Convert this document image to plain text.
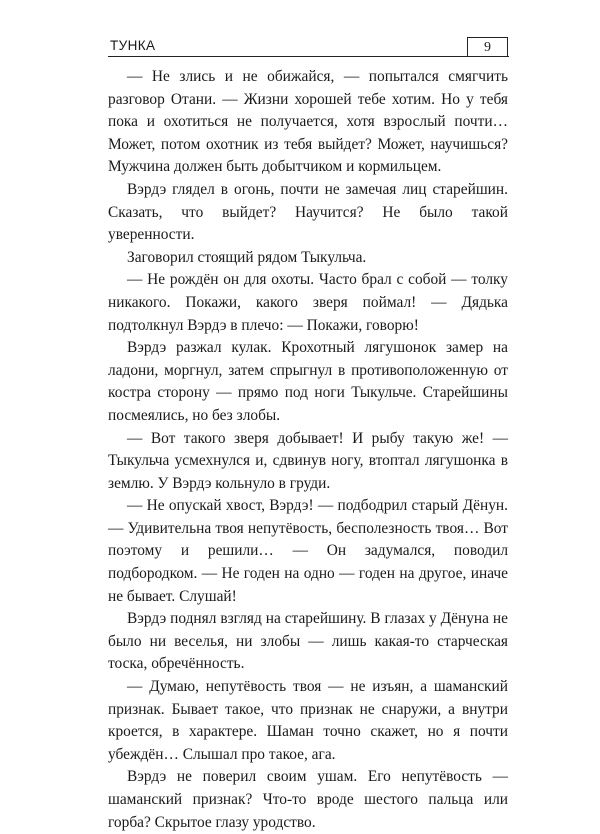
ТУНКА	9

— Не злись и не обижайся, — попытался смягчить разговор Отани. — Жизни хорошей тебе хотим. Но у тебя пока и охотиться не получается, хотя взрослый почти… Может, потом охотник из тебя выйдет? Может, научишься? Мужчина должен быть добытчиком и кормильцем.

Вэрдэ глядел в огонь, почти не замечая лиц старейшин. Сказать, что выйдет? Научится? Не было такой уверенности.

Заговорил стоящий рядом Тыкульча.

— Не рождён он для охоты. Часто брал с собой — толку никакого. Покажи, какого зверя поймал! — Дядька подтолкнул Вэрдэ в плечо: — Покажи, говорю!

Вэрдэ разжал кулак. Крохотный лягушонок замер на ладони, моргнул, затем спрыгнул в противоположенную от костра сторону — прямо под ноги Тыкульче. Старейшины посмеялись, но без злобы.

— Вот такого зверя добывает! И рыбу такую же! — Тыкульча усмехнулся и, сдвинув ногу, втоптал лягушонка в землю. У Вэрдэ кольнуло в груди.

— Не опускай хвост, Вэрдэ! — подбодрил старый Дёнун. — Удивительна твоя непутёвость, бесполезность твоя… Вот поэтому и решили… — Он задумался, поводил подбородком. — Не годен на одно — годен на другое, иначе не бывает. Слушай!

Вэрдэ поднял взгляд на старейшину. В глазах у Дёнуна не было ни веселья, ни злобы — лишь какая-то старческая тоска, обречённость.

— Думаю, непутёвость твоя — не изъян, а шаманский признак. Бывает такое, что признак не снаружи, а внутри кроется, в характере. Шаман точно скажет, но я почти убеждён… Слышал про такое, ага.

Вэрдэ не поверил своим ушам. Его непутёвость — шаманский признак? Что-то вроде шестого пальца или горба? Скрытое глазу уродство.
